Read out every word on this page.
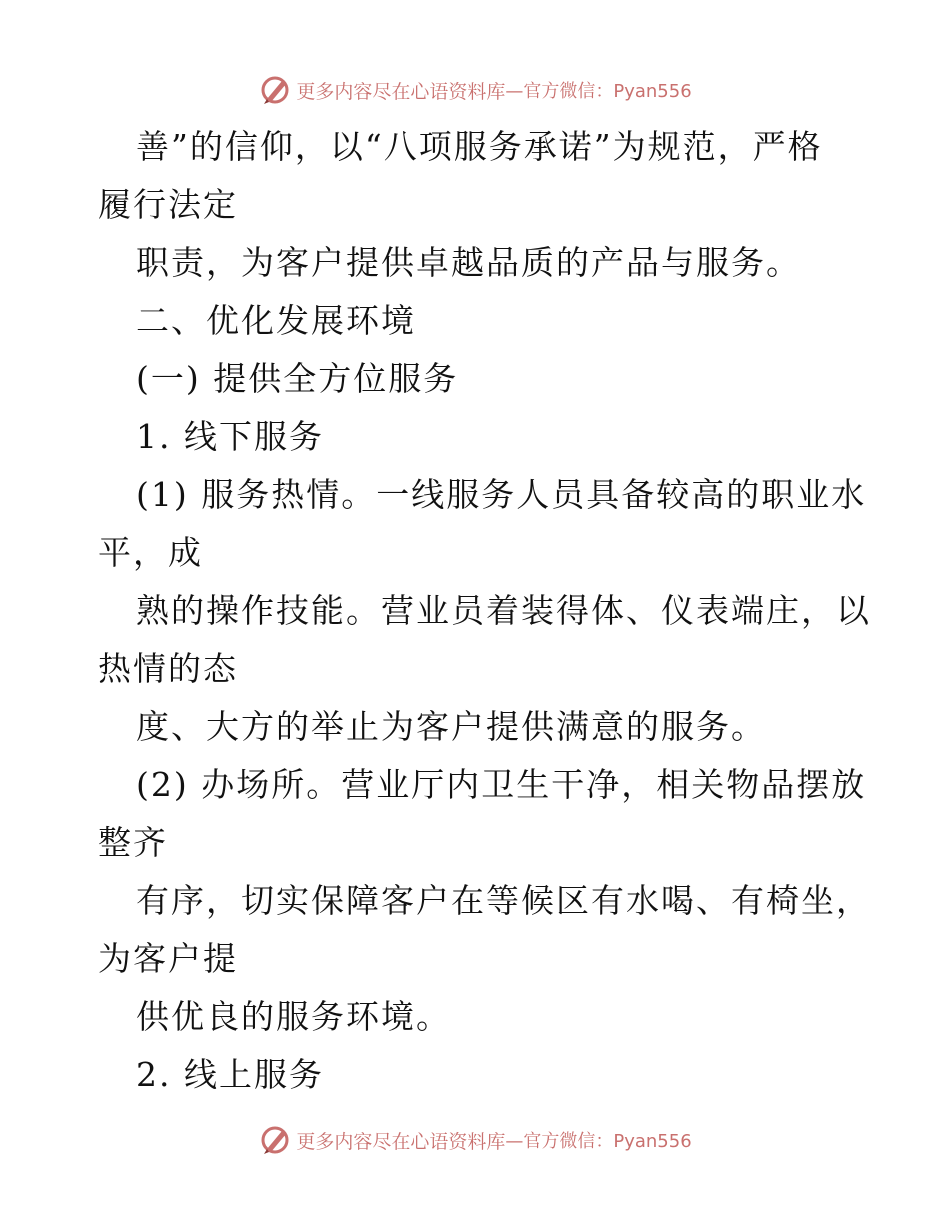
更多内容尽在心语资料库 —官方微信：Pyan556
善”的信仰，以“八项服务承诺”为规范，严格
履行法定
职责，为客户提供卓越品质的产品与服务。
二、优化发展环境
(一) 提供全方位服务
1. 线下服务
(1) 服务热情。一线服务人员具备较高的职业水
平，成
熟的操作技能。营业员着装得体、仪表端庄，以
热情的态
度、大方的举止为客户提供满意的服务。
(2) 办场所。营业厅内卫生干净，相关物品摆放
整齐
有序，切实保障客户在等候区有水喝、有椅坐，
为客户提
供优良的服务环境。
2. 线上服务
更多内容尽在心语资料库 —官方微信：Pyan556
